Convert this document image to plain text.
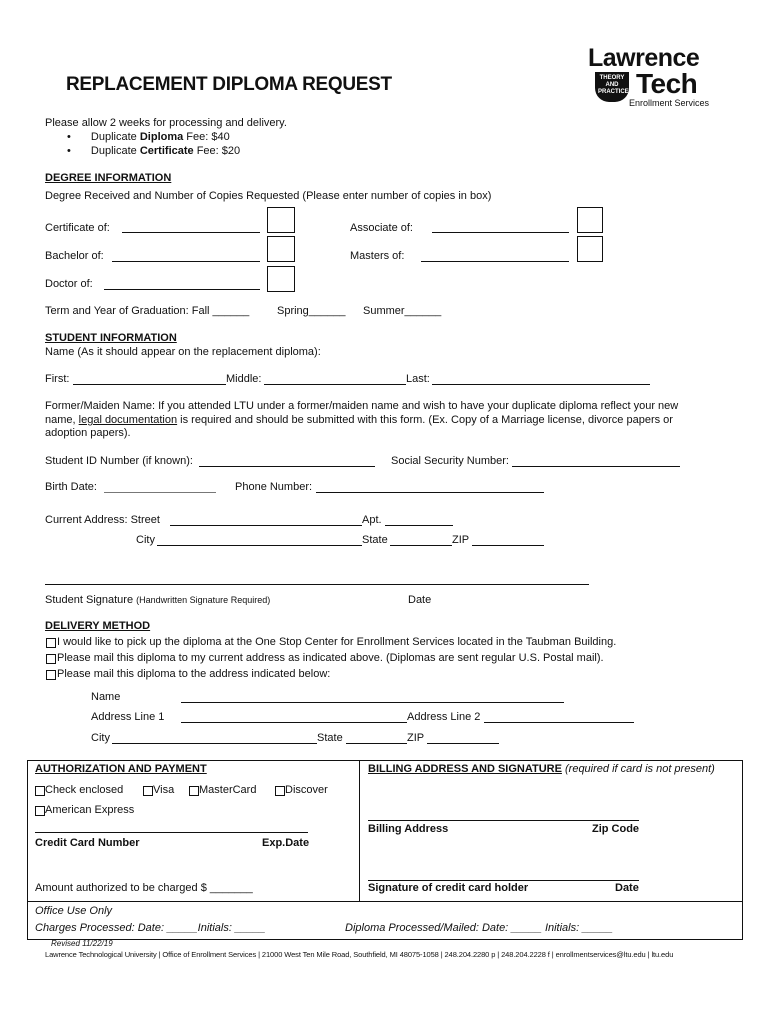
Lawrence
Tech
THEORY AND PRACTICE
Enrollment Services
REPLACEMENT DIPLOMA REQUEST
Please allow 2 weeks for processing and delivery.
• Duplicate Diploma Fee: $40
• Duplicate Certificate Fee: $20
DEGREE INFORMATION
Degree Received and Number of Copies Requested (Please enter number of copies in box)
Certificate of:	Associate of:
Bachelor of:	Masters of:
Doctor of:
Term and Year of Graduation: Fall ______	Spring______ Summer______
STUDENT INFORMATION
Name (As it should appear on the replacement diploma):
First:	Middle:	Last:
Former/Maiden Name: If you attended LTU under a former/maiden name and wish to have your duplicate diploma reflect your new
name, legal documentation is required and should be submitted with this form. (Ex. Copy of a Marriage license, divorce papers or
adoption papers).
Student ID Number (if known):	Social Security Number:
Birth Date:	Phone Number:
Current Address: Street	Apt.
City	State	ZIP
Student Signature (Handwritten Signature Required)	Date
DELIVERY METHOD
I would like to pick up the diploma at the One Stop Center for Enrollment Services located in the Taubman Building.
Please mail this diploma to my current address as indicated above. (Diplomas are sent regular U.S. Postal mail).
Please mail this diploma to the address indicated below:
Name
Address Line 1	Address Line 2
City	State	ZIP
AUTHORIZATION AND PAYMENT
Check enclosed	Visa MasterCard	Discover
American Express
Credit Card Number	Exp.Date
Amount authorized to be charged $ _______
BILLING ADDRESS AND SIGNATURE (required if card is not present)
Billing Address	Zip Code
Signature of credit card holder	Date
Office Use Only
Charges Processed: Date: _____Initials: _____	Diploma Processed/Mailed: Date: _____ Initials: _____
Revised 11/22/19
Lawrence Technological University | Office of Enrollment Services | 21000 West Ten Mile Road, Southfield, MI 48075-1058 | 248.204.2280 p | 248.204.2228 f | enrollmentservices@ltu.edu | ltu.edu
